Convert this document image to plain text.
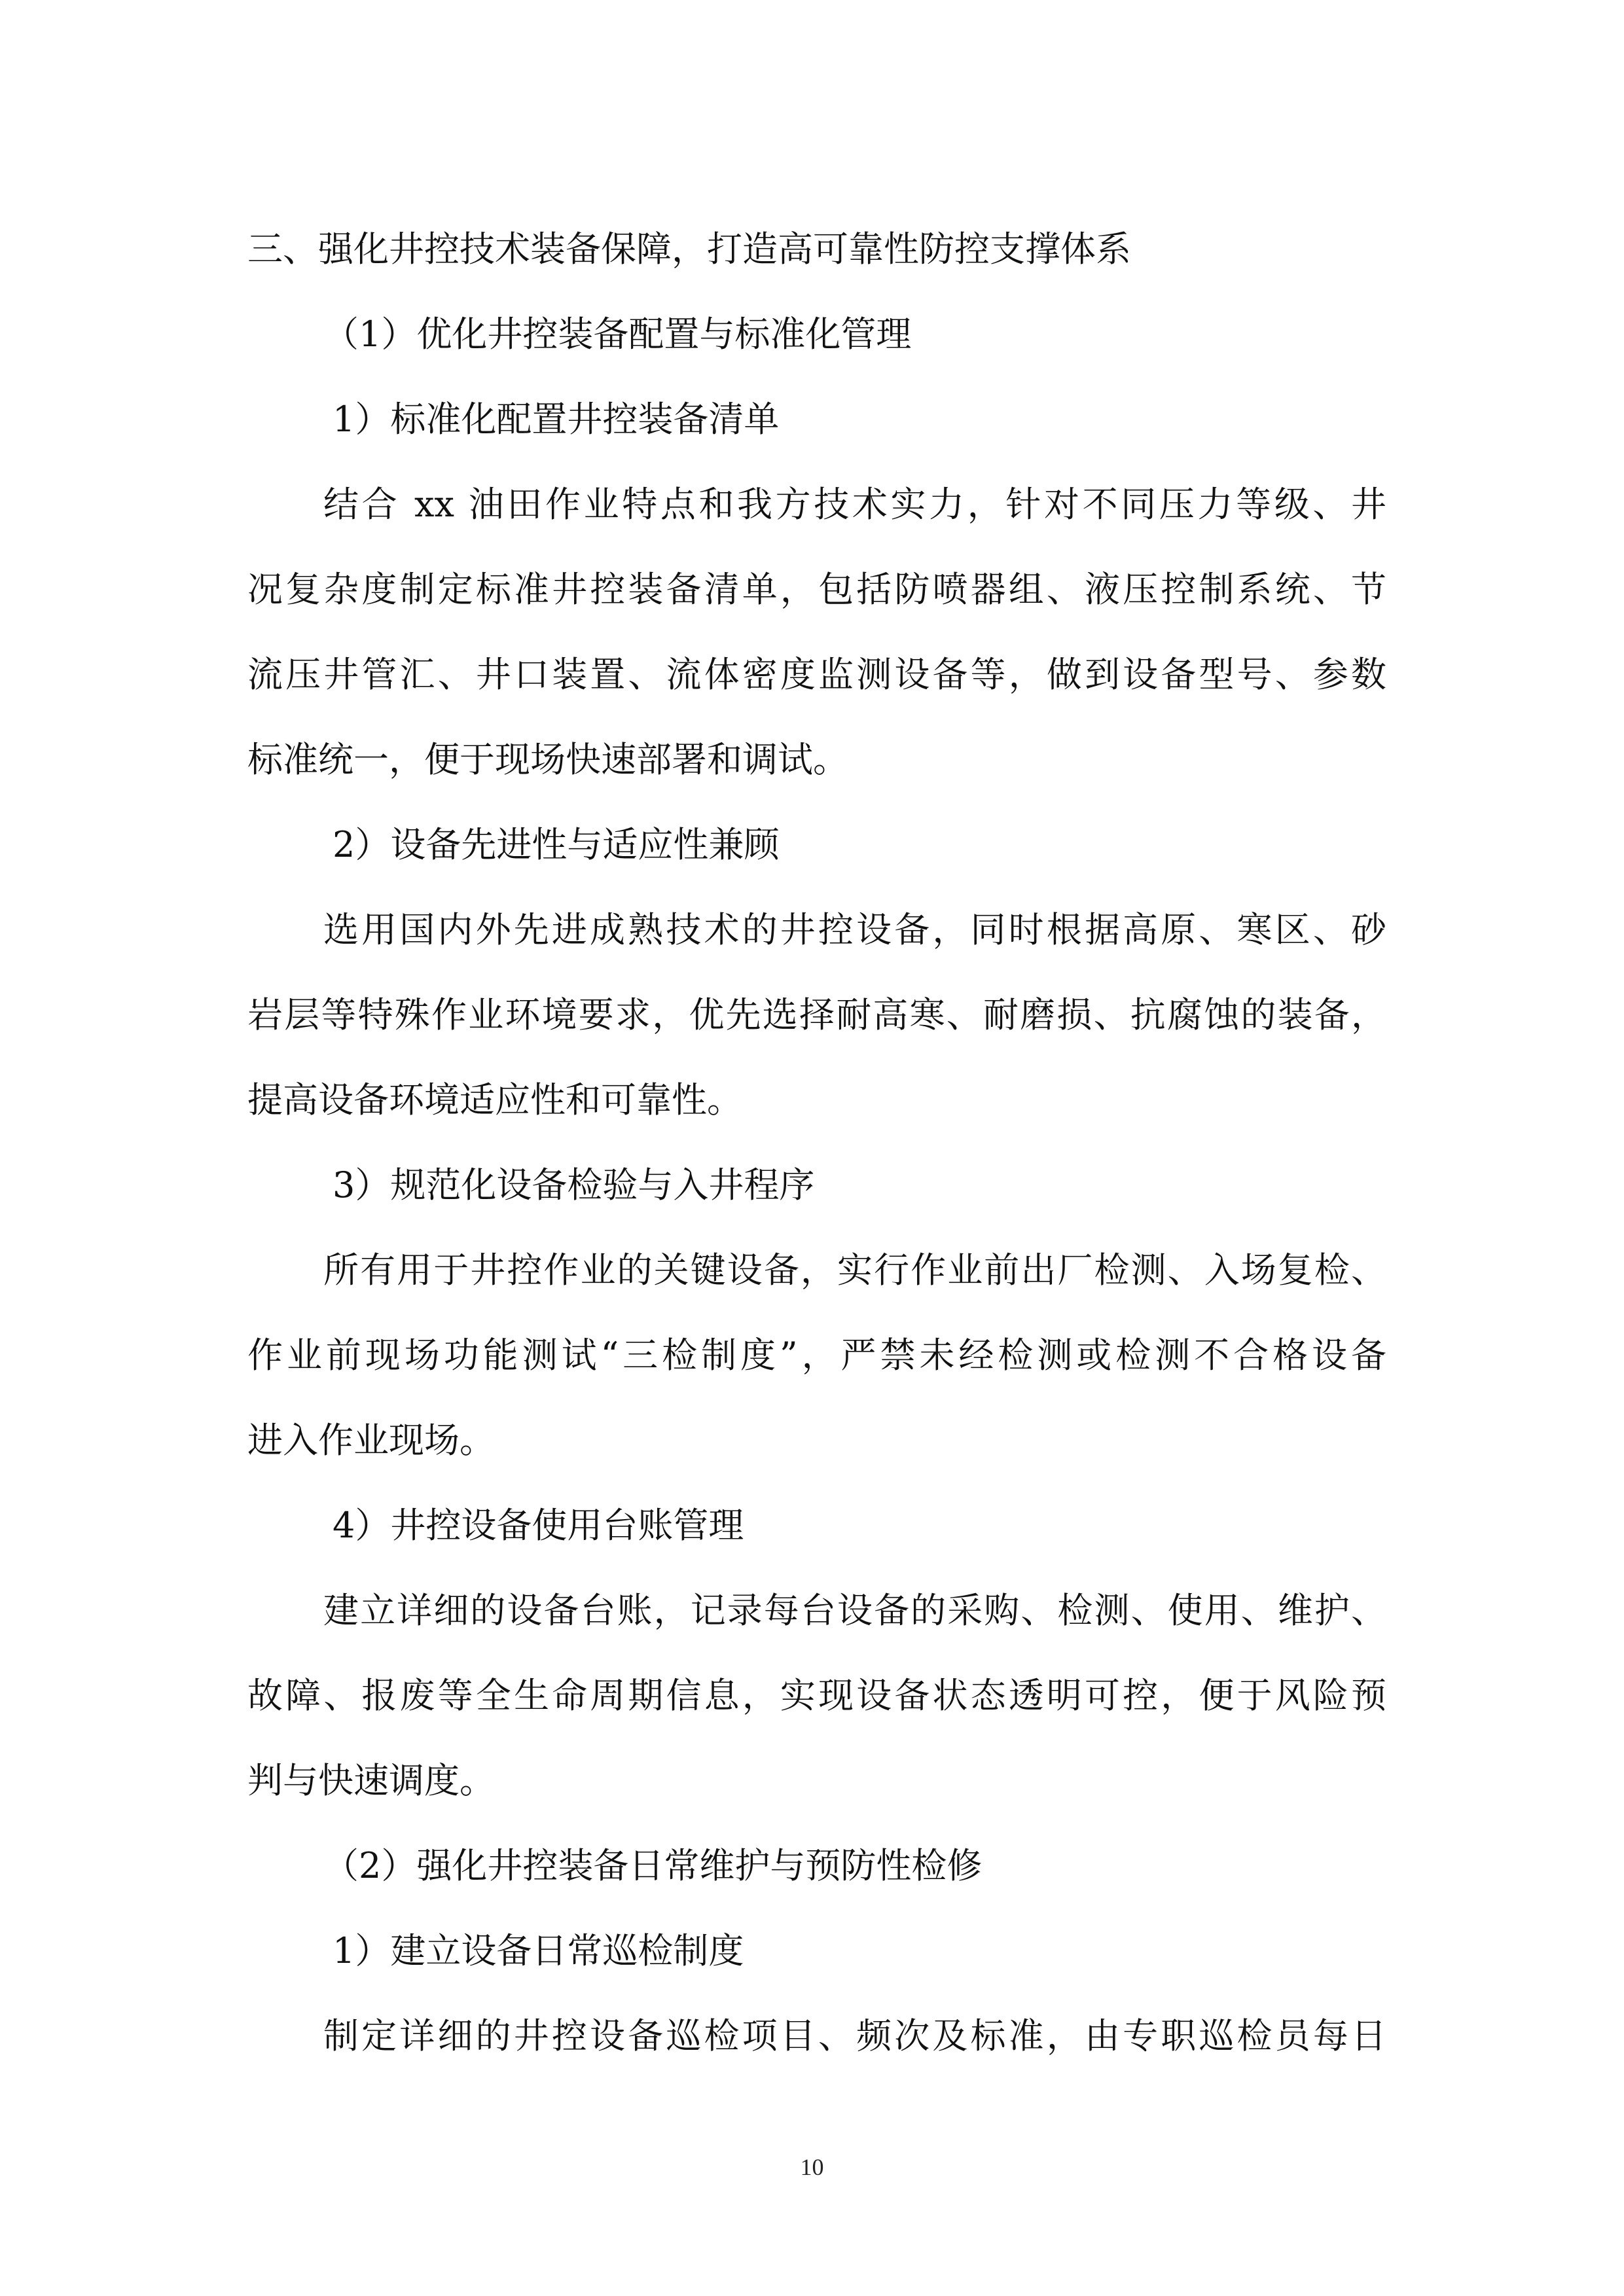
三、强化井控技术装备保障，打造高可靠性防控支撑体系

（1）优化井控装备配置与标准化管理

1）标准化配置井控装备清单

结合 xx 油田作业特点和我方技术实力，针对不同压力等级、井

况复杂度制定标准井控装备清单，包括防喷器组、液压控制系统、节

流压井管汇、井口装置、流体密度监测设备等，做到设备型号、参数

标准统一，便于现场快速部署和调试。

2）设备先进性与适应性兼顾

选用国内外先进成熟技术的井控设备，同时根据高原、寒区、砂

岩层等特殊作业环境要求，优先选择耐高寒、耐磨损、抗腐蚀的装备，

提高设备环境适应性和可靠性。

3）规范化设备检验与入井程序

所有用于井控作业的关键设备，实行作业前出厂检测、入场复检、

作业前现场功能测试“三检制度”，严禁未经检测或检测不合格设备

进入作业现场。

4）井控设备使用台账管理

建立详细的设备台账，记录每台设备的采购、检测、使用、维护、

故障、报废等全生命周期信息，实现设备状态透明可控，便于风险预

判与快速调度。

（2）强化井控装备日常维护与预防性检修

1）建立设备日常巡检制度

制定详细的井控设备巡检项目、频次及标准，由专职巡检员每日

10
